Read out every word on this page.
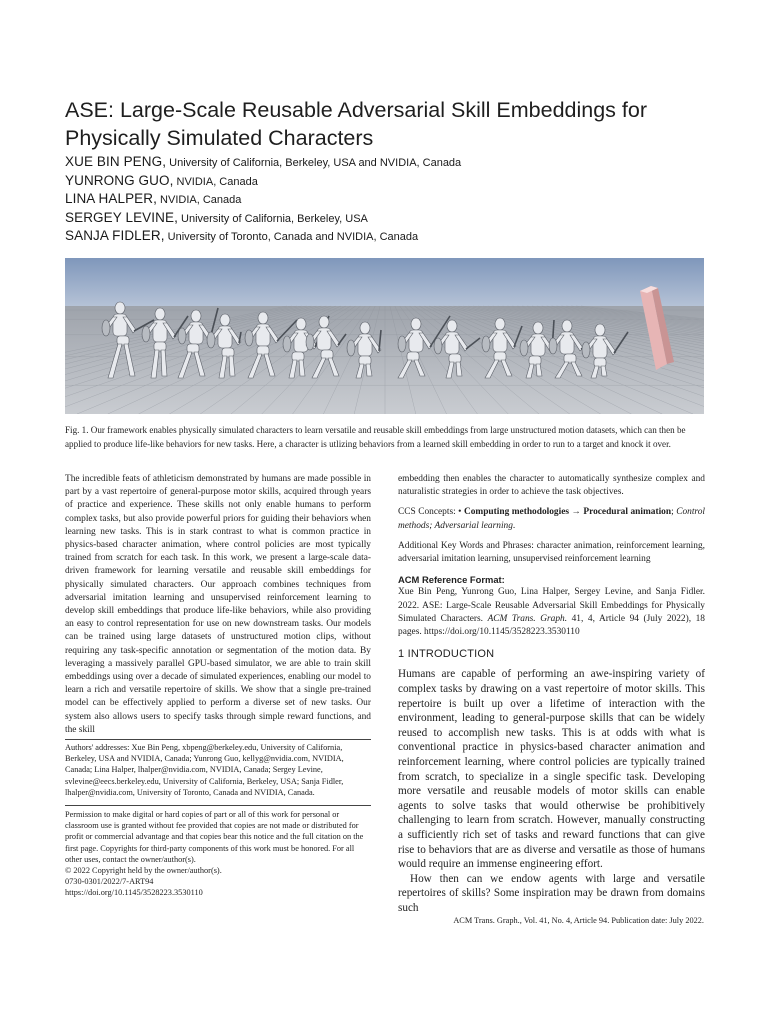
ASE: Large-Scale Reusable Adversarial Skill Embeddings for Physically Simulated Characters
XUE BIN PENG, University of California, Berkeley, USA and NVIDIA, Canada
YUNRONG GUO, NVIDIA, Canada
LINA HALPER, NVIDIA, Canada
SERGEY LEVINE, University of California, Berkeley, USA
SANJA FIDLER, University of Toronto, Canada and NVIDIA, Canada
Fig. 1. Our framework enables physically simulated characters to learn versatile and reusable skill embeddings from large unstructured motion datasets, which can then be applied to produce life-like behaviors for new tasks. Here, a character is utlizing behaviors from a learned skill embedding in order to run to a target and knock it over.

The incredible feats of athleticism demonstrated by humans are made possible in part by a vast repertoire of general-purpose motor skills, acquired through years of practice and experience. These skills not only enable humans to perform complex tasks, but also provide powerful priors for guiding their behaviors when learning new tasks. This is in stark contrast to what is common practice in physics-based character animation, where control policies are most typically trained from scratch for each task. In this work, we present a large-scale data-driven framework for learning versatile and reusable skill embeddings for physically simulated characters. Our approach combines techniques from adversarial imitation learning and unsupervised reinforcement learning to develop skill embeddings that produce life-like behaviors, while also providing an easy to control representation for use on new downstream tasks. Our models can be trained using large datasets of unstructured motion clips, without requiring any task-specific annotation or segmentation of the motion data. By leveraging a massively parallel GPU-based simulator, we are able to train skill embeddings using over a decade of simulated experiences, enabling our model to learn a rich and versatile repertoire of skills. We show that a single pre-trained model can be effectively applied to perform a diverse set of new tasks. Our system also allows users to specify tasks through simple reward functions, and the skill

Authors' addresses: Xue Bin Peng, xbpeng@berkeley.edu, University of California, Berkeley, USA and NVIDIA, Canada; Yunrong Guo, kellyg@nvidia.com, NVIDIA, Canada; Lina Halper, lhalper@nvidia.com, NVIDIA, Canada; Sergey Levine, svlevine@eecs.berkeley.edu, University of California, Berkeley, USA; Sanja Fidler, lhalper@nvidia.com, University of Toronto, Canada and NVIDIA, Canada.
Permission to make digital or hard copies of part or all of this work for personal or classroom use is granted without fee provided that copies are not made or distributed for profit or commercial advantage and that copies bear this notice and the full citation on the first page. Copyrights for third-party components of this work must be honored. For all other uses, contact the owner/author(s).
© 2022 Copyright held by the owner/author(s).
0730-0301/2022/7-ART94
https://doi.org/10.1145/3528223.3530110

embedding then enables the character to automatically synthesize complex and naturalistic strategies in order to achieve the task objectives.

CCS Concepts: • Computing methodologies → Procedural animation; Control methods; Adversarial learning.

Additional Key Words and Phrases: character animation, reinforcement learning, adversarial imitation learning, unsupervised reinforcement learning

ACM Reference Format:

Xue Bin Peng, Yunrong Guo, Lina Halper, Sergey Levine, and Sanja Fidler. 2022. ASE: Large-Scale Reusable Adversarial Skill Embeddings for Physically Simulated Characters. ACM Trans. Graph. 41, 4, Article 94 (July 2022), 18 pages. https://doi.org/10.1145/3528223.3530110

1 INTRODUCTION

Humans are capable of performing an awe-inspiring variety of complex tasks by drawing on a vast repertoire of motor skills. This repertoire is built up over a lifetime of interaction with the environment, leading to general-purpose skills that can be widely reused to accomplish new tasks. This is at odds with what is conventional practice in physics-based character animation and reinforcement learning, where control policies are typically trained from scratch, to specialize in a single specific task. Developing more versatile and reusable models of motor skills can enable agents to solve tasks that would otherwise be prohibitively challenging to learn from scratch. However, manually constructing a sufficiently rich set of tasks and reward functions that can give rise to behaviors that are as diverse and versatile as those of humans would require an immense engineering effort.

How then can we endow agents with large and versatile repertoires of skills? Some inspiration may be drawn from domains such

ACM Trans. Graph., Vol. 41, No. 4, Article 94. Publication date: July 2022.
